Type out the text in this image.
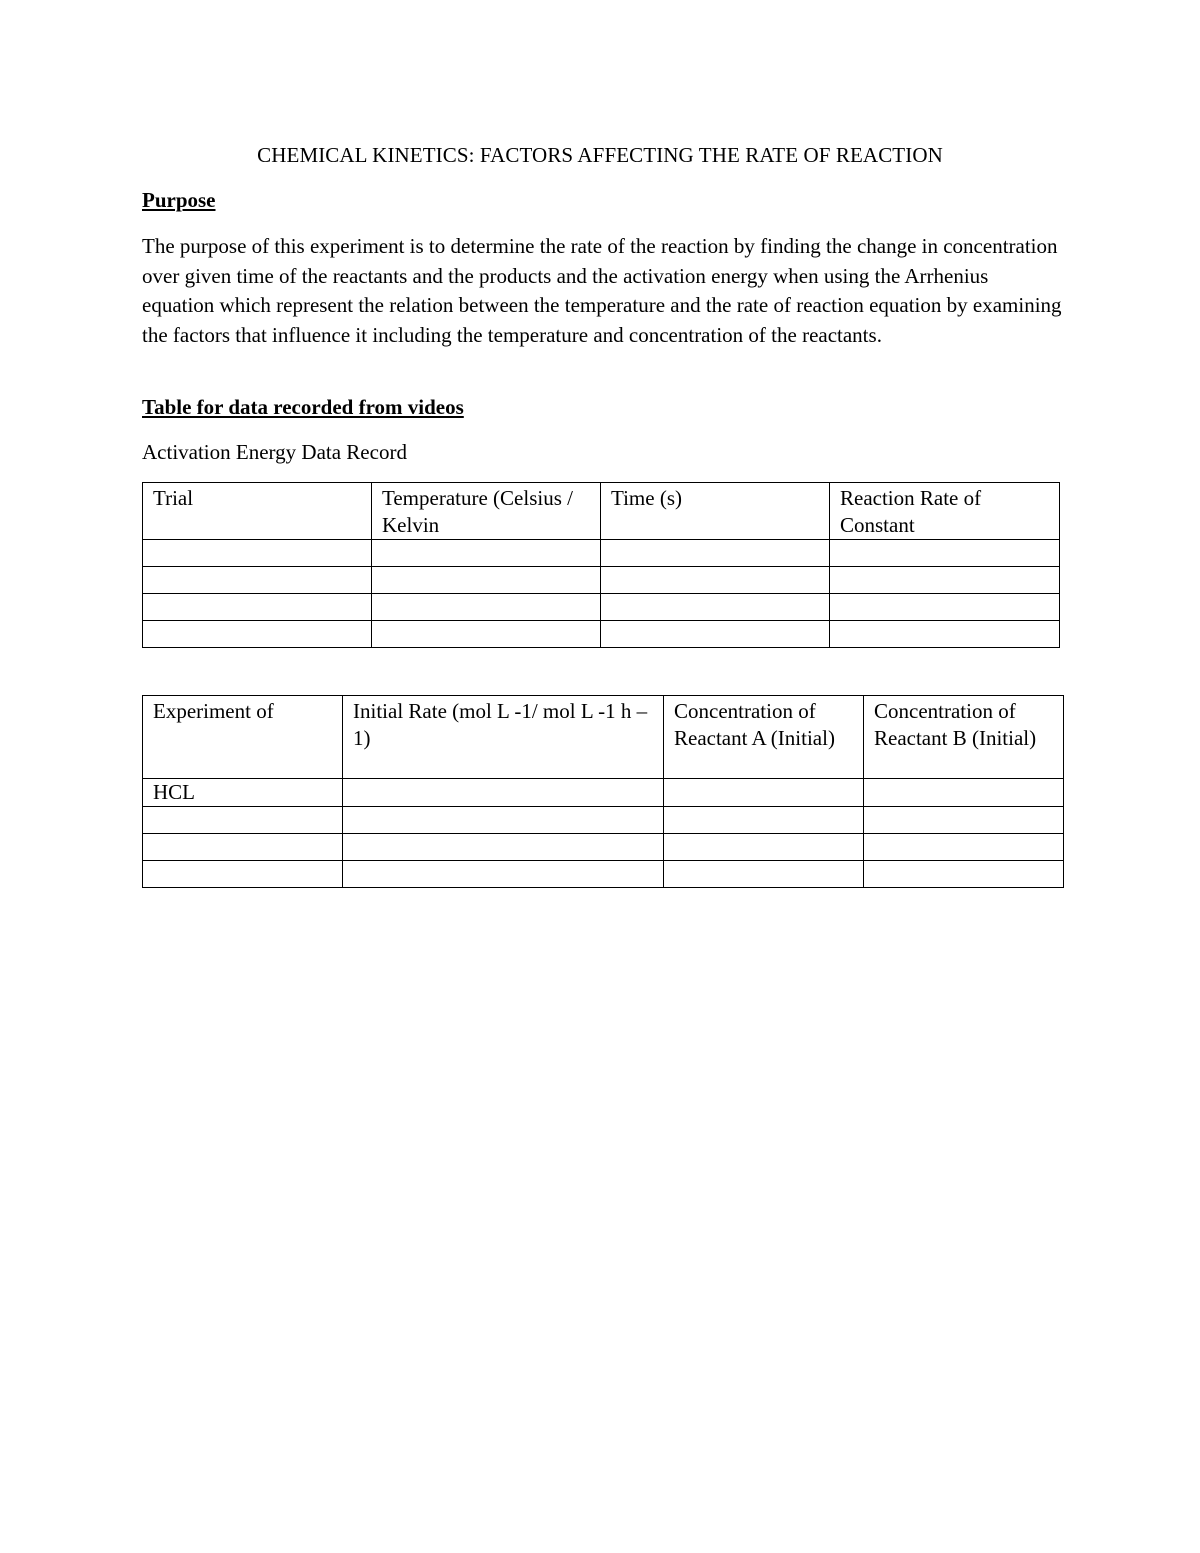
CHEMICAL KINETICS: FACTORS AFFECTING THE RATE OF REACTION
Purpose
The purpose of this experiment is to determine the rate of the reaction by finding the change in concentration over given time of the reactants and the products and the activation energy when using the Arrhenius equation which represent the relation between the temperature and the rate of reaction equation by examining the factors that influence it including the temperature and concentration of the reactants.
Table for data recorded from videos
Activation Energy Data Record
Trial	Temperature (Celsius / Kelvin	Time (s)	Reaction Rate of Constant

Experiment of	Initial Rate (mol L -1/ mol L -1 h – 1)	Concentration of Reactant A (Initial)	Concentration of Reactant B (Initial)
HCL			
